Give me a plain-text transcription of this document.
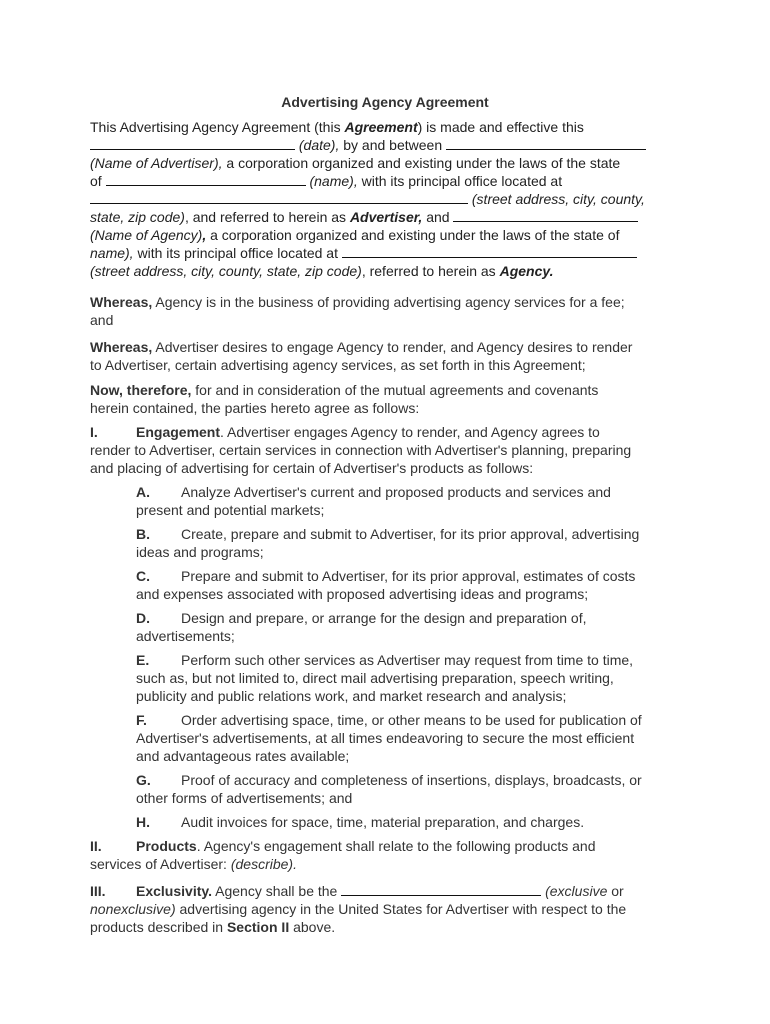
Advertising Agency Agreement
This Advertising Agency Agreement (this Agreement) is made and effective this
(date), by and between
(Name of Advertiser), a corporation organized and existing under the laws of the state
of	(name), with its principal office located at
(street address, city, county,
state, zip code), and referred to herein as Advertiser, and
(Name of Agency), a corporation organized and existing under the laws of the state of
name), with its principal office located at
(street address, city, county, state, zip code), referred to herein as Agency.
Whereas, Agency is in the business of providing advertising agency services for a fee;
and
Whereas, Advertiser desires to engage Agency to render, and Agency desires to render
to Advertiser, certain advertising agency services, as set forth in this Agreement;
Now, therefore, for and in consideration of the mutual agreements and covenants
herein contained, the parties hereto agree as follows:
I.	Engagement. Advertiser engages Agency to render, and Agency agrees to
render to Advertiser, certain services in connection with Advertiser's planning, preparing
and placing of advertising for certain of Advertiser's products as follows:
A. Analyze Advertiser's current and proposed products and services and
present and potential markets;
B. Create, prepare and submit to Advertiser, for its prior approval, advertising
ideas and programs;
C. Prepare and submit to Advertiser, for its prior approval, estimates of costs
and expenses associated with proposed advertising ideas and programs;
D. Design and prepare, or arrange for the design and preparation of,
advertisements;
E. Perform such other services as Advertiser may request from time to time,
such as, but not limited to, direct mail advertising preparation, speech writing,
publicity and public relations work, and market research and analysis;
F. Order advertising space, time, or other means to be used for publication of
Advertiser's advertisements, at all times endeavoring to secure the most efficient
and advantageous rates available;
G. Proof of accuracy and completeness of insertions, displays, broadcasts, or
other forms of advertisements; and
H. Audit invoices for space, time, material preparation, and charges.
II. Products. Agency's engagement shall relate to the following products and
services of Advertiser: (describe).
III. Exclusivity. Agency shall be the	(exclusive or
nonexclusive) advertising agency in the United States for Advertiser with respect to the
products described in Section II above.
